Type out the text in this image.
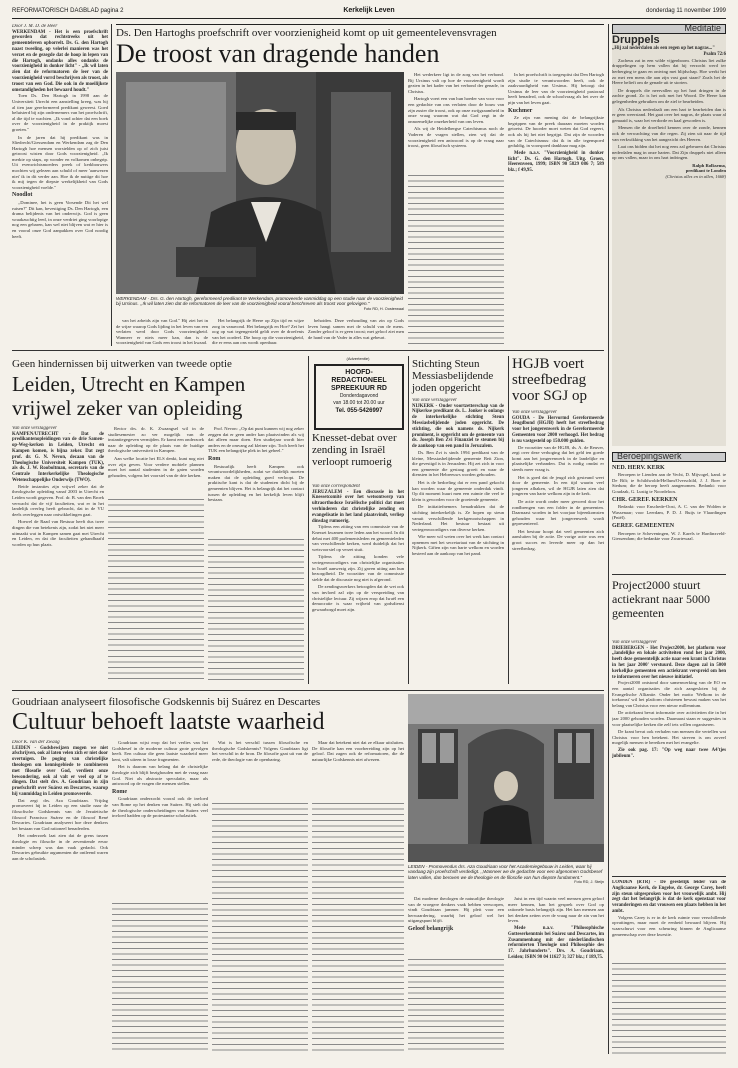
REFORMATORISCH DAGBLAD pagina 2	Kerkelijk Leven	donderdag 11 november 1999
Door J. M. D. de Heer
WERKENDAM - Het is een proefschrift geworden dat rechtstreeks uit het gemeenteleven opborrelt. Ds. G. den Hartogh naast tweeling, op velerlei manieren was het verzet en de gezegde dat de hoop in lepen van die Hartogh, ondanks alles ondanks de voorzienigheid in donker licht" - ,,Ik wil laten zien dat de reformatoren de leer van de voorzienigheid vorrd beschrijven als troost, als troost van een God. Die ook in de moeilijkste omstandigheden het bewaard houdt."

Toen Ds. Den Hartogh in 1998 aan de Universiteit Utrecht een aanstelling kreeg, was hij al tien jaar gereformeerd predikant geweest. Goed beluisterd bij zijn ondernemers van het proefschrift, al die tijd te wachten. ,,Ik vond achter dat een boek over de voorzienigheid in de praktijk moest groeien."

In de jaren dat hij predikant was in Sliedrecht/Giessendam en Werkendam zag de Den Hartogh hoe mensen worstelden op of zich juist getroost wisten door Gods voorzienigheid. ,,Ik merkte op staps, op wonder en volkomen onbegrip. Uit evenwichtsmoeders preek of kerkbouwers mochten wij gelezen aan schuld of meer 'aanwezen niet' ik in dit verder aan. Hoe ik de nuttige dit hoe ik mij tegen de diepste werkelijkheid van Gods voorzienigheid voelde."

Noodlot

,,Dominee, het is geen Vorsende Dit het wel ruisen?" Dit kan, bevestiging Ds. Den Hartogh, een drama belijdenis van het onderwijs. God is geen wraakzuchtig leed, in onze verdriet ging voorlopige nog een gebaren, kan wel niet blijven wat er hier is en vooral onze God aanpakken over God noodig heeft.

Ds. Den Hartoghs proefschrift over voorzienigheid komt op uit gemeentelevensvragen
De troost van dragende handen
WERKENDAM - Drs. G. den Hartogh, gereformeerd predikant te Werkendam, promoveerde vanmiddag op een studie naar de voorzienigheid bij Ursinus. ,,Ik wil laten zien dat de reformatoren de leer van de voorzienigheid vooral beschreven als troost voor gelovigen."
Foto RD, H. Oosterwaal

van het arbeids zijn van God." Hij ziet het in de wijze waarop Gods lijding in het leven van een verlaten werd door Gods voorzienigheid. Wanneer er niets meer kan, dan is de voorzienigheid van Gods een troost in het kwaad.

Het belangrijk de Heere op Zijn tijd en wijze zorg in vanavond. Het belangrijk en Hoe? Zet het oog op wat tegengesteld geldt over de droefenis van het oordeel. Die hoop op die voorzienigheid, die er eens aan ons wordt openbaar.

behoiden. Deze verhouding van zin op Gods leven hangt samen met de schuld van de mens. Zonder geloof is er geen troost; met geloof ziet men de hand van de Vader in alles wat gebeurt.

Het wederkeer ligt in de zorg van het verbond. Bij Ursinus valt op hoe de voorzienigheid wordt gezien in het kader van het verbond der genade, in Christus.

Hartogh voert een van hun hoeder van voor voor een gedachte van ons verlaten door de bouw van zijn zuster die troost, ook op onze zwijgzaamheid in onze vraag waarom wat dat God zegt in de onnoemelijke onzekerheid van ons leven.

Als wij de Heidelbergse Catechismus noch de Vaderen de vragen stellen, zien wij dat de voorzienigheid een antwoord is op de vraag naar troost, geen filosofisch systeem.

In het proefschrift is toegespitst dat Den Hartogh zijn studie te verantwoorden heeft, ook de zaakvaardigheid van Ursinus. Hij betoogt dat Ursinus de leer van de voorzienigheid pastoraal heeft benaderd, ook de schoolvraag als het over de pijn van het leven gaat.

Kuchmer

Ze zijn van mening dat de belangrijkste begrippen van de preek daaraan moeten worden getoetst. De hoorder moet weten dat God regeert, ook als hij het niet begrijpt. Dat zijn de woorden van de Catechismus: dat ik in alle tegenspoed geduldig, in voorspoed dankbaar mag zijn.

Mede n.a.v. "Voorzienigheid in donker licht". Ds. G. den Hartogh. Uitg. Groen, Heerenveen, 1999; ISBN 90 5829 086 7; 589 blz.; f 49,95.

Meditatie
Druppels
,,Hij zal nederdalen als een regen op het nagras..."
Psalm 72:6

Zacheus zat in een wilde vijgenboom. Christus liet zulke druppelingen op hem vallen dat hij verzocht werd ter herberging te gaan en ontving met blijdschap. Hoe werkt het zo met een mens die aan zijn vast gaat staan? Zoals het de Heere belieft om de genade uit te storten.

De druppels die neervallen op het hart dringen in de zachte grond. Zo is het ook met het Woord. De Heere kan gelegenheden gebruiken om de ziel te bearbeiden.

Als Christus nederdaalt om een hart te bearbeiden dan is er geen weerstand. Het gaat over het nagras, de plaats waar al gemaaid is, waar het verdorde en kaal geworden is.

Mensen die de droefheid kennen over de zonde, kennen ook de verwachting van die regen. Zij zien uit naar de tijd van verkwikking van het aangezicht des Heeren.

Laat ons bidden dat het nog eens zal gebeuren dat Christus nederdalen mag in onze harten. Dat Zijn druppels niet alleen op ons vallen, maar in ons hart indringen.

Ralph Rolksema,
predikant te Londen
(Christus alles en in allen, 1668)
Beroepingswerk
NED. HERV. KERK

Beroepen te Lienden aan de Vecht, D. Mijvogel, kand. te De Bilt; te Schildwolde/Hellum/Overschild, J. J. Boer te Stedum; die de beroep heeft aangenomen. Bedankt: voor Goudzak, G. Lustig te Noordeloos.

CHR. GEREF. KERKEN

Bedankt: voor Enschede-Oost, A. C. van der Wolden te Wassenaar; voor Leerdam, P. D. J. Buijs te Vlaardingen (Pniël).

GEREF. GEMEENTEN

Beroepen te Scheveningen, W. J. Karels te Hardinxveld-Giessendam; die bedankte voor Zwartewaal.

Project2000 stuurt actiekrant naar 5000 gemeenten
Van onze verslaggever
DRIEBERGEN - Het Project2000, het platform voor ,,landelijke en lokale activiteiten rond het jaar 2000, heeft deze gemeentelijk actie naar een krant in Christus in het jaar 2000' verstuurd. Deze dagen zal in 5000 kerkelijke gemeenten een actiekrant verspreid om hen te informeren over het nieuwe initiatief.

Project2000 ontstond door samenwerking van de EO en een aantal organisaties die zich aangesloten bij de Evangelische Alliantie. Onder het motto 'Welkom in de toekomst' wil het platform christenen bewust maken van het belang van Christus voor een nieuw millennium.

De actiekrant bevat informatie over activiteiten die in het jaar 2000 gehouden worden. Daarnaast staan er suggesties in voor plaatselijke kerken die zelf iets willen organiseren.

De krant bevat ook verhalen van mensen die vertellen wat Christus voor hen betekent. Het streven is om zoveel mogelijk mensen te bereiken met het evangelie.

Zie ook pag. 17: "Op weg naar twee A4'tjes jubileum".

LONDEN (RTR) - De geestelijk leider van de Anglicaanse Kerk, de Engelse, dr. George Carey, heeft zijn steun uitgesproken voor het vrouwelijk ambt. Hij zegt dat het belangrijk is dat de kerk openstaat voor veranderingen en dat vrouwen een plaats hebben in het ambt.

Volgens Carey is er in de kerk ruimte voor verschillende opvattingen, maar moet de eenheid bewaard blijven. Hij waarschuwt voor een scheuring binnen de Anglicaanse gemeenschap over deze kwestie.

Geen hindernissen bij uitwerken van tweede optie
Leiden, Utrecht en Kampen vrijwel zeker van opleiding
Van onze verslaggever
KAMPEN/UTRECHT - Dat de predikantenopleidingen van de drie Samen-op-Weg-kerken in Leiden, Utrecht en Kampen komen, is bijna zeker. Dat zegt prof. dr. G. N. Nevon, decaan van de Theologische Universiteit Kampen (TUK), als ds. J. W. Rooboltman, secretaris van de Centrale Interkerkelijke Theologische Wetenschappelijke Onderwijs (TWO).

Beide instanties zijn vrijwel zeker dat de theologische opleiding vanaf 2003 in Utrecht en Leiden wordt gegeven. Prof. dr. B. van den Broek verwacht dat de vijf faculteiten, wat er in het landelijk overleg heeft gebracht, dat in de VU deels overleggen naar ontwikkelingen gaat.

Hoewel de Raad van Bestuur heeft dus twee dingen die van betekenis zijn, zodat het niet meer uitmaakt wat in Kampen samen gaat met Utrecht en Leiden, en dat die faculteiten gehandhaafd worden op hun plaats.

Rector drs. dr. K. Zwaangsel wil in de studiesemester zo ver mogelijk van de instantiegegeven vermijden. Er komt een onderzoek naar de opleiding op de plaats van de huidige theologische universiteit in Kampen.

Aan welke locatie het ELS denkt, kunt nog niet over zijn geven. Voor verdere mobiele plannen moet het aantal studenten in de gaten worden gehouden, volgens het voorstel van de drie kerken.

Prof. Nevon: ,,Op dat punt kunnen wij nog zeker zeggen dat er geen ander kan plaatsvinden als wij dat alleen maar doen. Een studiejaar wordt hier anders en de omvang zal kleiner zijn. Toch heeft het TUK een belangrijke plek in het geheel."

Rom

Bestuurlijk heeft Kampen ook verantwoordelijkheden, zodat we duidelijk moeten maken dat de opleiding goed verloopt. De praktische kant is dat de studenten dicht bij de gemeenten blijven. Het is belangrijk dat het contact tussen de opleiding en het kerkelijk leven blijft bestaan.

(Advertentie)
HOOFD-
REDACTIONEEL
SPREEKUUR RD
Donderdagavond
van 18.00 tot 20.00 uur
Tel. 055-5426997
Knesset-debat over zending in Israël verloopt rumoerig
Van onze correspondent
JERUZALEM - Een discussie in het Knessetcomité over het wetsontwerp van ultraorthodoxe Israëlische politici dat moet verhinderen dat christelijke zending en evangelisatie in het land plaatsvindt, verliep dinsdag rumoerig.

Tijdens een zitting van een commissie van de Knesset kwamen twee leden aan het woord. In dit debat met 400 parlementsleden en gemeenteleden van verschillende kerken, werd duidelijk dat het wetsvoorstel op verzet stuit.

Tijdens de zitting konden vele vertegenwoordigers van christelijke organisaties in Israël aanwezig zijn. Zij gaven uiting aan hun bezorgdheid. De voorzitter van de commissie stelde dat de discussie nog niet is afgerond.

De zendingswerkers betoogden dat de wet ook van invloed zal zijn op de verspreiding van christelijke lectuur. Zij wijzen erop dat Israël een democratie is waar vrijheid van godsdienst gewaarborgd moet zijn.

Stichting Steun Messiasbelijdende joden opgericht
Van onze verslaggever
NIJKERK - Onder voortzetterschap van de Nijkerkse predikant ds. L. Jonker is onlangs de interkerkelijke stichting Steun Messiasbelijdende joden opgericht. De stichting, die ook namens ds. Nijkerk prominent, is opgericht om de gemeente van ds. Joseph Ben Zvi Finanziel te steunen bij de aankoop van een pand in Jeruzalem.

Ds. Ben Zvi is sinds 1994 predikant van de kleine, Messiasbelijdende gemeente Beit Zion, die gevestigd is in Jeruzalem. Hij zet zich in voor een gemeente die gestaag groeit en waar de diensten in het Hebreeuws worden gehouden.

Het is de bedoeling dat er een pand gekocht kan worden waar de gemeente onderdak vindt. Op dit moment huurt men een ruimte die veel te klein is geworden voor de groeiende gemeente.

De initiatiefnemers benadrukken dat de stichting interkerkelijk is. Ze hopen op steun vanuit verschillende kerkgenootschappen in Nederland. Het bestuur bestaat uit vertegenwoordigers van diverse kerken.

Wie meer wil weten over het werk kan contact opnemen met het secretariaat van de stichting in Nijkerk. Giften zijn van harte welkom en worden besteed aan de aankoop van het pand.

HGJB voert streefbedrag voor SGJ op
Van onze verslaggever
GOUDA - De Hervormd Gereformeerde Jeugdbond (HGJB) heeft het streefbedrag voor het jongerenwerk in de Gereformeerde Gemeenten voor 2000 verhoogd. Het bedrag is nu vastgesteld op 150.000 gulden.

De voorzitter van de HGJB, ds. A. de Reuver, zegt over deze verhoging dat het geld ten goede komt aan het jongerenwerk in de landelijke en plaatselijke verbanden. Dat is nodig omdat er steeds meer vraag is.

Het is goed dat de jeugd zich gesteund weet door de gemeente. In een tijd waarin veel jongeren afhaken, wil de HGJB laten zien dat jongeren van harte welkom zijn in de kerk.

De actie wordt onder meer gevoerd door het rondbrengen van een folder in de gemeenten. Daarnaast worden in het voorjaar bijeenkomsten gehouden waar het jongerenwerk wordt gepresenteerd.

Het bestuur hoopt dat veel gemeenten zich aansluiten bij de actie. De vorige actie was een groot succes en leverde meer op dan het streefbedrag.

Goudriaan analyseert filosofische Godskennis bij Suárez en Descartes
Cultuur behoeft laatste waarheid
Door K. van der Zwaag
LEIDEN - Godsbewijzen mogen we niet afschrijven, ook al laten velen zich er niet door overtuigen. De poging van christelijke theologen om kennisgebiede te combineren met filosofie over God, verdient onze bewondering, ook al valt er veel op af te dingen. Dat stelt drs. A. Goudriaan in zijn proefschrift over Suárez en Descartes, waarop hij vanmiddag in Leiden promoveerde.

Dat zegt drs. Aza Goudriaan. Vrijdag promoveert hij in Leiden op een studie naar de filosofische Godskennis van de Jezuïetische filosoof Francisco Suárez en de filosoof René Descartes. Goudriaan analyseert hoe deze denkers het bestaan van God rationeel benaderden.

Het onderzoek laat zien dat de grens tussen theologie en filosofie in de zeventiende eeuw minder scherp was dan vaak gedacht. Ook Descartes gebruikte argumenten die ontleend waren aan de scholastiek.

Goudriaan wijst erop dat het verlies van het Godsbesef in de moderne cultuur grote gevolgen heeft. Een cultuur die geen laatste waarheid meer kent, valt uiteen in losse fragmenten.

Het is daarom van belang dat de christelijke theologie zich blijft bezighouden met de vraag naar God. Niet als abstracte speculatie, maar als antwoord op de vragen die mensen stellen.

Rome

Goudriaan onderzocht vooral ook de invloed van Rome op het denken van Suárez. Hij stelt dat de theologische onderscheidingen van Suárez veel invloed hadden op de protestantse scholastiek.

Wat is het verschil tussen filosofische en theologische Godskennis? Volgens Goudriaan ligt het verschil in de bron. De filosofie gaat uit van de rede, de theologie van de openbaring.

Maar dat betekent niet dat ze elkaar uitsluiten. De filosofie kan een voorbereiding zijn op het geloof. Dat zagen ook de reformatoren, die de natuurlijke Godskennis niet afwezen.

LEIDEN - Promovendus drs. Aza Goudriaan voor het Academiegebouw in Leiden, waar hij vandaag zijn proefschrift verdedigt. ,,Wanneer we de gedachte voor een afgenomen Godsbesef laten vallen, dan beroven we de theologie en de filosofie van hun diepste fundament."
Foto RD, J. Steijn

Dat moderne theologen de natuurlijke theologie van de vroegere denkers vaak hebben verworpen, vindt Goudriaan jammer. Hij pleit voor een herwaardering, waarbij het geloof wel het uitgangspunt blijft.

Geloof belangrijk

Juist in een tijd waarin veel mensen geen geloof meer kennen, kan het gesprek over God op rationele basis belangrijk zijn. Het kan mensen aan het denken zetten over de vraag naar de zin van het leven.

Mede n.a.v. "Philosophische Gotteserkenntnis bei Suárez und Descartes, im Zusammenhang mit der niederländischen reformierten Theologie und Philosophie des 17. Jahrhunderts". Drs. A. Goudriaan, Leiden; ISBN 90 04 11627 3; 327 blz.; f 189,75.
